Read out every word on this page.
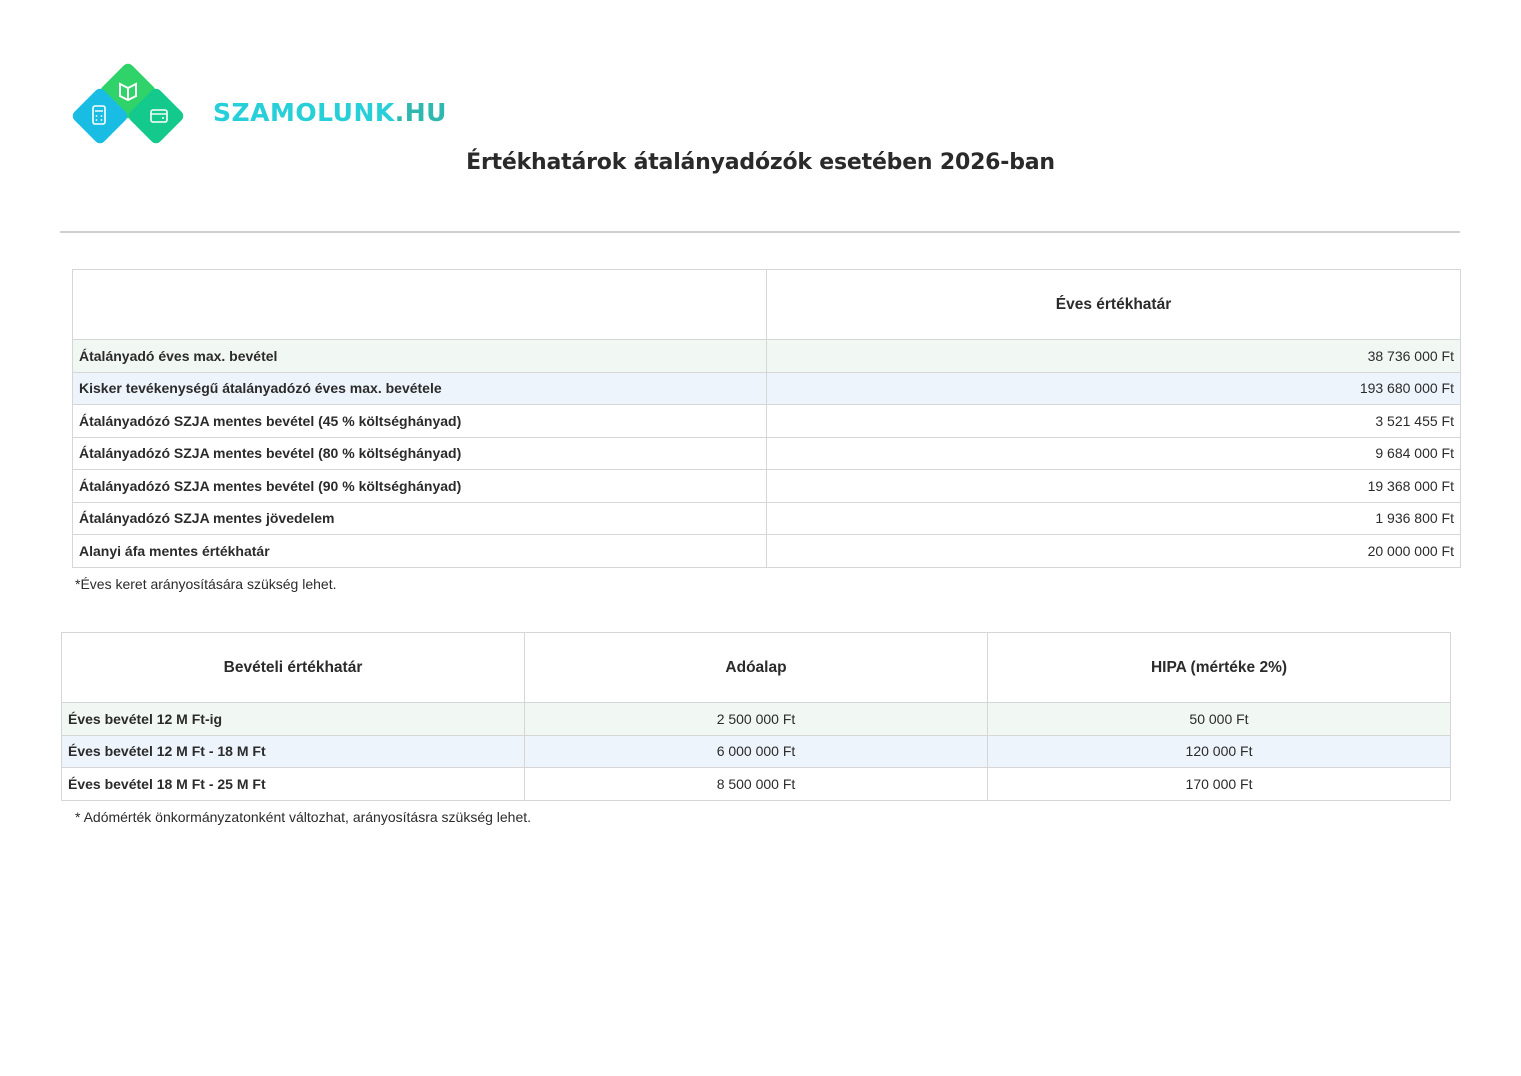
SZAMOLUNK.HU
Értékhatárok átalányadózók esetében 2026-ban
	Éves értékhatár
Átalányadó éves max. bevétel	38 736 000 Ft
Kisker tevékenységű átalányadózó éves max. bevétele	193 680 000 Ft
Átalányadózó SZJA mentes bevétel (45 % költséghányad)	3 521 455 Ft
Átalányadózó SZJA mentes bevétel (80 % költséghányad)	9 684 000 Ft
Átalányadózó SZJA mentes bevétel (90 % költséghányad)	19 368 000 Ft
Átalányadózó SZJA mentes jövedelem	1 936 800 Ft
Alanyi áfa mentes értékhatár	20 000 000 Ft
*Éves keret arányosítására szükség lehet.
Bevételi értékhatár	Adóalap	HIPA (mértéke 2%)
Éves bevétel 12 M Ft-ig	2 500 000 Ft	50 000 Ft
Éves bevétel 12 M Ft - 18 M Ft	6 000 000 Ft	120 000 Ft
Éves bevétel 18 M Ft - 25 M Ft	8 500 000 Ft	170 000 Ft
* Adómérték önkormányzatonként változhat, arányosításra szükség lehet.
